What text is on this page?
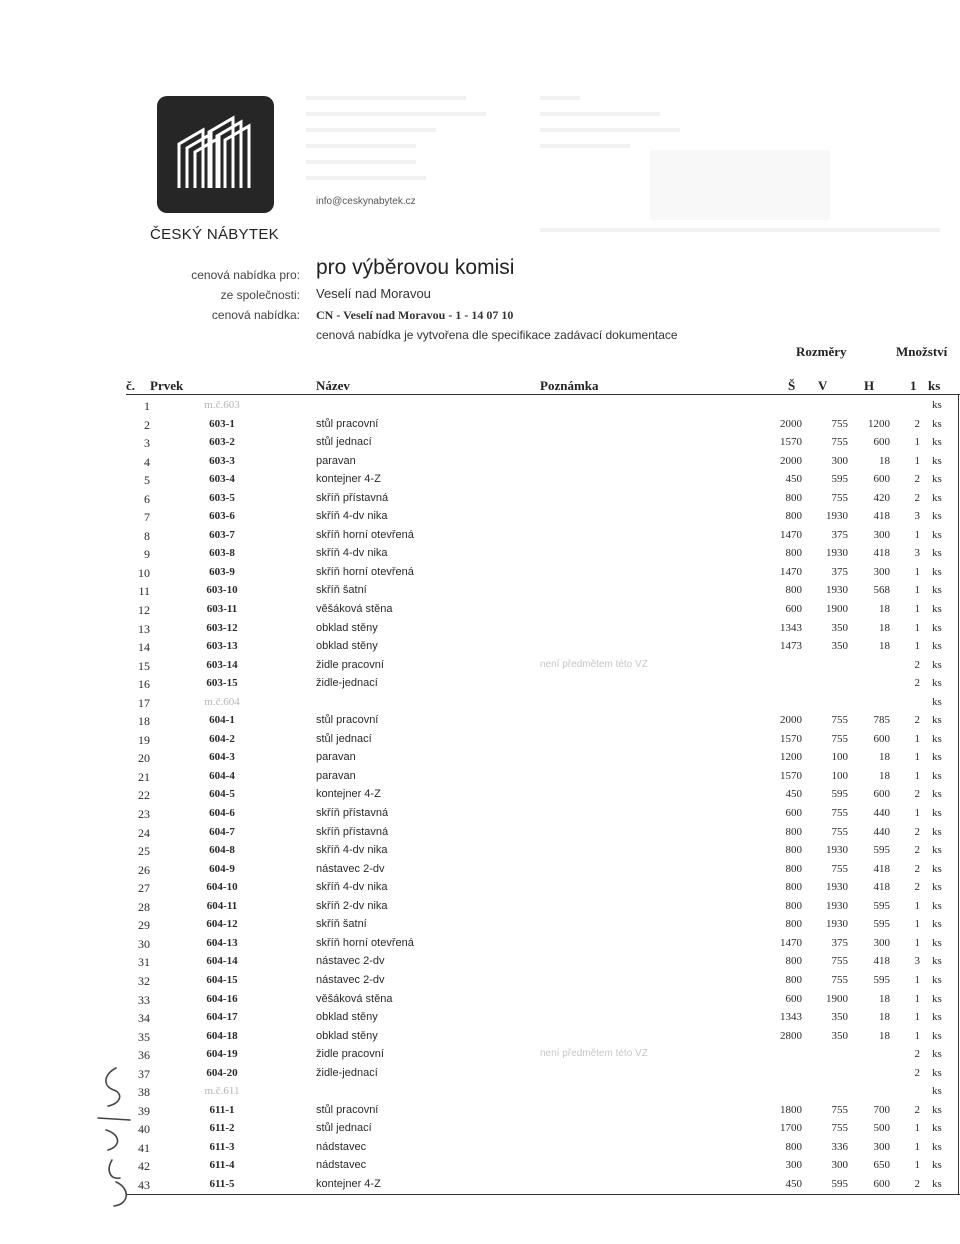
ČESKÝ NÁBYTEK
info@ceskynabytek.cz
cenová nabídka pro:
ze společnosti:
cenová nabídka:
pro výběrovou komisi
Veselí nad Moravou
CN - Veselí nad Moravou - 1 - 14 07 10
cenová nabídka je vytvořena dle specifikace zadávací dokumentace
Rozměry	Množství
č. Prvek	Název	Poznámka	Š V	H	1 ks
1	m.č.603	ks
2	603-1	stůl pracovní	2000	755	1200	2 ks
3	603-2	stůl jednací	1570	755	600	1 ks
4	603-3	paravan	2000	300	18	1 ks
5	603-4	kontejner 4-Z	450	595	600	2 ks
6	603-5	skříň přístavná	800	755	420	2 ks
7	603-6	skříň 4-dv nika	800	1930	418	3 ks
8	603-7	skříň horní otevřená	1470	375	300	1 ks
9	603-8	skříň 4-dv nika	800	1930	418	3 ks
10	603-9	skříň horní otevřená	1470	375	300	1 ks
11	603-10	skříň šatní	800	1930	568	1 ks
12	603-11	věšáková stěna	600	1900	18	1 ks
13	603-12	obklad stěny	1343	350	18	1 ks
14	603-13	obklad stěny	1473	350	18	1 ks
15	603-14	židle pracovní	není předmětem této VZ	2 ks
16	603-15	židle-jednací	2 ks
17	m.č.604	ks
18	604-1	stůl pracovní	2000	755	785	2 ks
19	604-2	stůl jednací	1570	755	600	1 ks
20	604-3	paravan	1200	100	18	1 ks
21	604-4	paravan	1570	100	18	1 ks
22	604-5	kontejner 4-Z	450	595	600	2 ks
23	604-6	skříň přístavná	600	755	440	1 ks
24	604-7	skříň přístavná	800	755	440	2 ks
25	604-8	skříň 4-dv nika	800	1930	595	2 ks
26	604-9	nástavec 2-dv	800	755	418	2 ks
27	604-10	skříň 4-dv nika	800	1930	418	2 ks
28	604-11	skříň 2-dv nika	800	1930	595	1 ks
29	604-12	skříň šatní	800	1930	595	1 ks
30	604-13	skříň horní otevřená	1470	375	300	1 ks
31	604-14	nástavec 2-dv	800	755	418	3 ks
32	604-15	nástavec 2-dv	800	755	595	1 ks
33	604-16	věšáková stěna	600	1900	18	1 ks
34	604-17	obklad stěny	1343	350	18	1 ks
35	604-18	obklad stěny	2800	350	18	1 ks
36	604-19	židle pracovní	není předmětem této VZ	2 ks
37	604-20	židle-jednací	2 ks
38	m.č.611	ks
39	611-1	stůl pracovní	1800	755	700	2 ks
40	611-2	stůl jednací	1700	755	500	1 ks
41	611-3	nádstavec	800	336	300	1 ks
42	611-4	nádstavec	300	300	650	1 ks
43	611-5	kontejner 4-Z	450	595	600	2 ks
